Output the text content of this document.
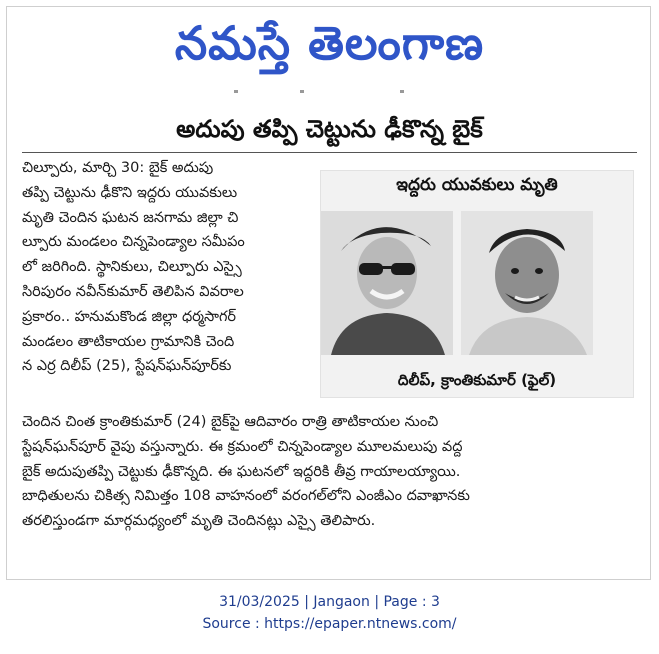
నమస్తే తెలంగాణ
అదుపు తప్పి చెట్టును ఢీకొన్న బైక్
చిల్పూరు, మార్చి 30: బైక్ అదుపు
తప్పి చెట్టును ఢీకొని ఇద్దరు యువకులు
మృతి చెందిన ఘటన జనగామ జిల్లా చి
ల్పూరు మండలం చిన్నపెండ్యాల సమీపం
లో జరిగింది. స్థానికులు, చిల్పూరు ఎస్సై
సిరిపురం నవీన్‌కుమార్ తెలిపిన వివరాల
ప్రకారం.. హనుమకొండ జిల్లా ధర్మసాగర్
మండలం తాటికాయల గ్రామానికి చెంది
న ఎర్ర దిలీప్ (25), స్టేషన్‌ఘన్‌పూర్‌కు
ఇద్దరు యువకులు మృతి
దిలీప్, క్రాంతికుమార్ (ఫైల్)
చెందిన చింత క్రాంతికుమార్ (24) బైక్‌పై ఆదివారం రాత్రి తాటికాయల నుంచి
స్టేషన్‌ఘన్‌పూర్ వైపు వస్తున్నారు. ఈ క్రమంలో చిన్నపెండ్యాల మూలమలుపు వద్ద
బైక్ అదుపుతప్పి చెట్టుకు ఢీకొన్నది. ఈ ఘటనలో ఇద్దరికి తీవ్ర గాయాలయ్యాయి.
బాధితులను చికిత్స నిమిత్తం 108 వాహనంలో వరంగల్‌లోని ఎంజీఎం దవాఖానకు
తరలిస్తుండగా మార్గమధ్యంలో మృతి చెందినట్లు ఎస్సై తెలిపారు.
31/03/2025 | Jangaon | Page : 3
Source : https://epaper.ntnews.com/
